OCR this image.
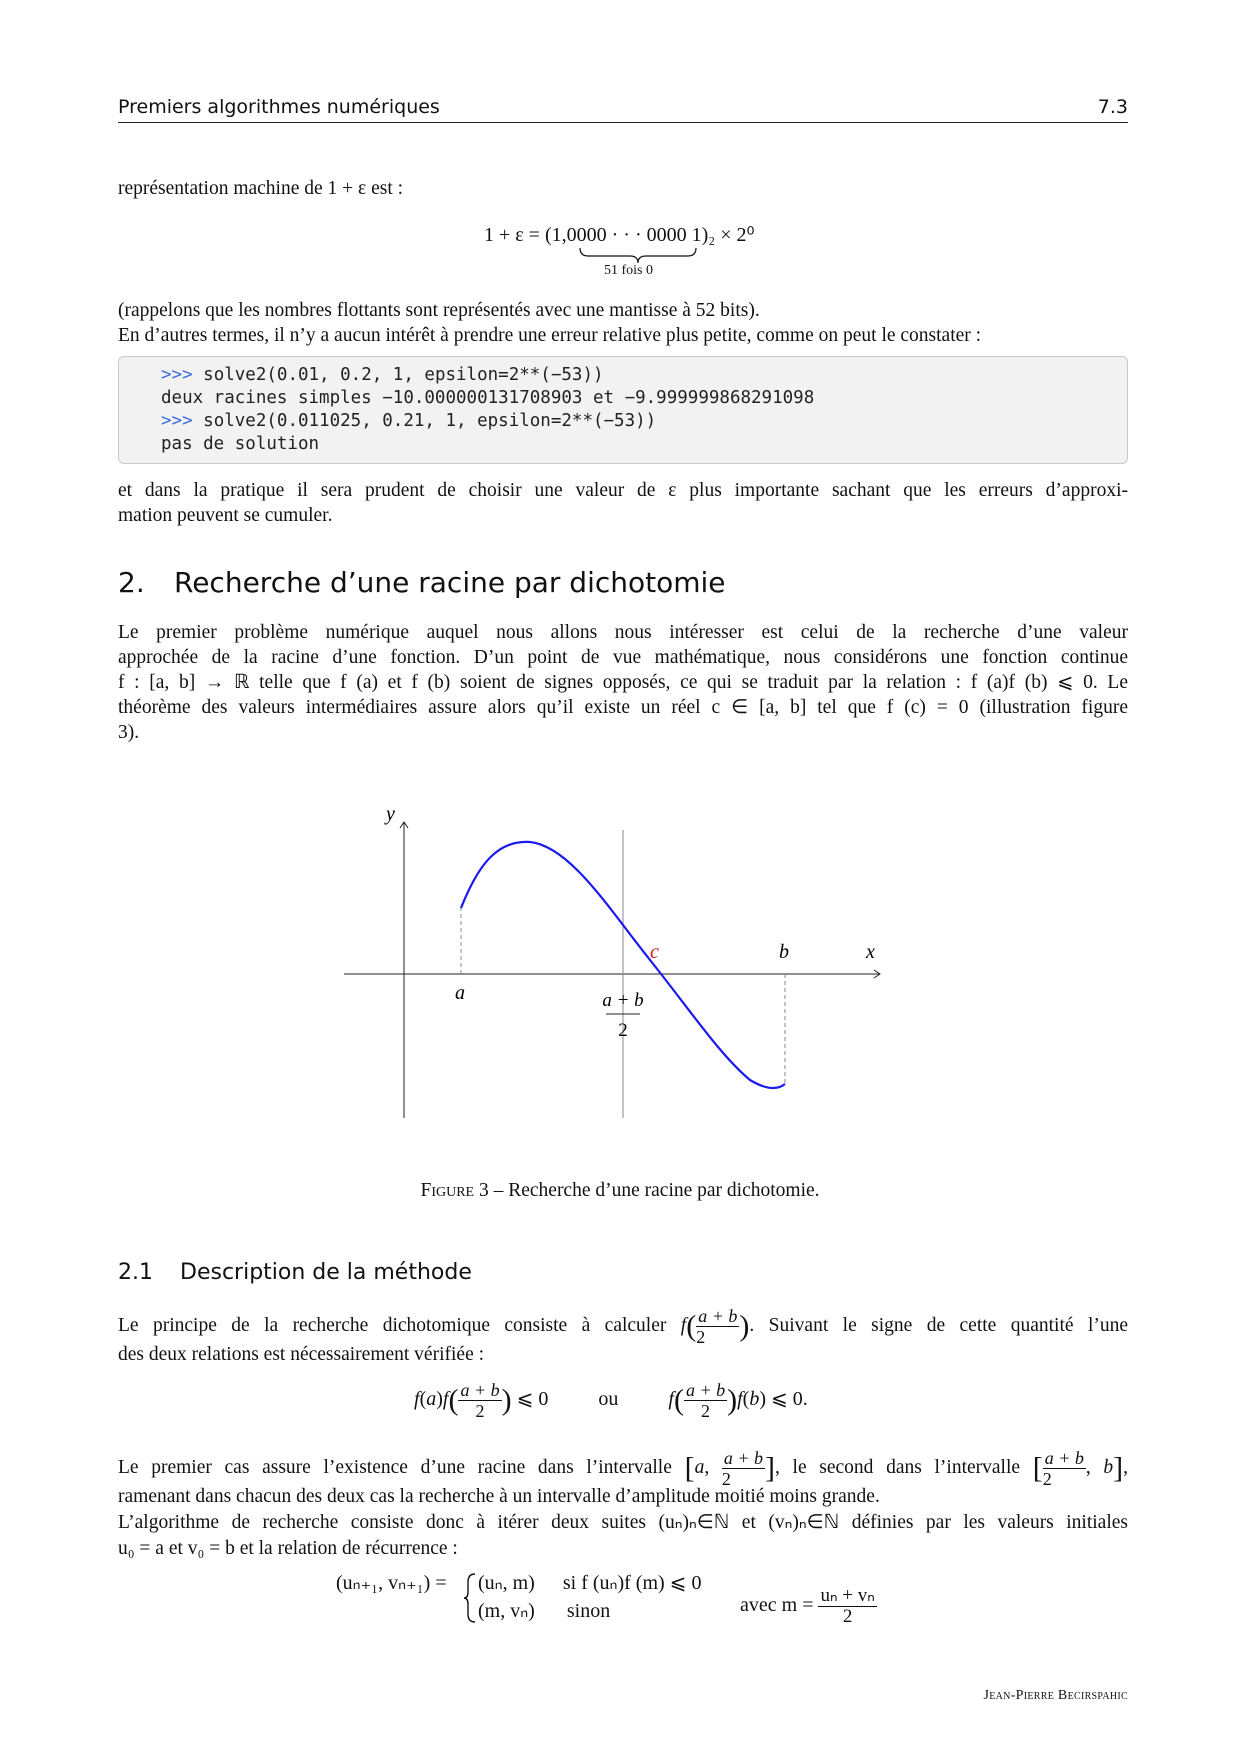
Premiers algorithmes numériques	7.3
représentation machine de 1 + ε est :
1 + ε = (1,0000 · · · 0000 1)₂ × 2⁰
51 fois 0
(rappelons que les nombres flottants sont représentés avec une mantisse à 52 bits).
En d’autres termes, il n’y a aucun intérêt à prendre une erreur relative plus petite, comme on peut le constater :
>>> solve2(0.01, 0.2, 1, epsilon=2**(−53))
deux racines simples −10.000000131708903 et −9.999999868291098
>>> solve2(0.011025, 0.21, 1, epsilon=2**(−53))
pas de solution
et dans la pratique il sera prudent de choisir une valeur de ε plus importante sachant que les erreurs d’approxi-
mation peuvent se cumuler.
2. Recherche d’une racine par dichotomie
Le premier problème numérique auquel nous allons nous intéresser est celui de la recherche d’une valeur
approchée de la racine d’une fonction. D’un point de vue mathématique, nous considérons une fonction continue
f : [a, b] → ℝ telle que f (a) et f (b) soient de signes opposés, ce qui se traduit par la relation : f (a)f (b) ⩽ 0. Le
théorème des valeurs intermédiaires assure alors qu’il existe un réel c ∈ [a, b] tel que f (c) = 0 (illustration figure
3).
y
x
a
b
c
a + b
2
Figure 3 – Recherche d’une racine par dichotomie.
2.1 Description de la méthode
Le principe de la recherche dichotomique consiste à calculer $f( \frac{a + b}{2}$ ). Suivant le signe de cette quantité l’une
des deux relations est nécessairement vérifiée :
$f(a)f( \frac{a + b}{2}$ ) ⩽ 0  ou	$f( \frac{a + b}{2} )f(b)$ ⩽ 0.
Le premier cas assure l’existence d’une racine dans l’intervalle [a, $\frac{a + b}{2}$ ], le second dans l’intervalle [ $\frac{a + b}{2}$ , b],
ramenant dans chacun des deux cas la recherche à un intervalle d’amplitude moitié moins grande.
L’algorithme de recherche consiste donc à itérer deux suites (uₙ)ₙ∈ℕ et (vₙ)ₙ∈ℕ définies par les valeurs initiales
u₀ = a et v₀ = b et la relation de récurrence :
(uₙ₊₁, vₙ₊₁) = (uₙ, m) si f (uₙ)f (m) ⩽ 0
(m, vₙ) sinon	avec $m = \frac{\text{uₙ + vₙ}}{2}$
Jean-Pierre Becirspahic
